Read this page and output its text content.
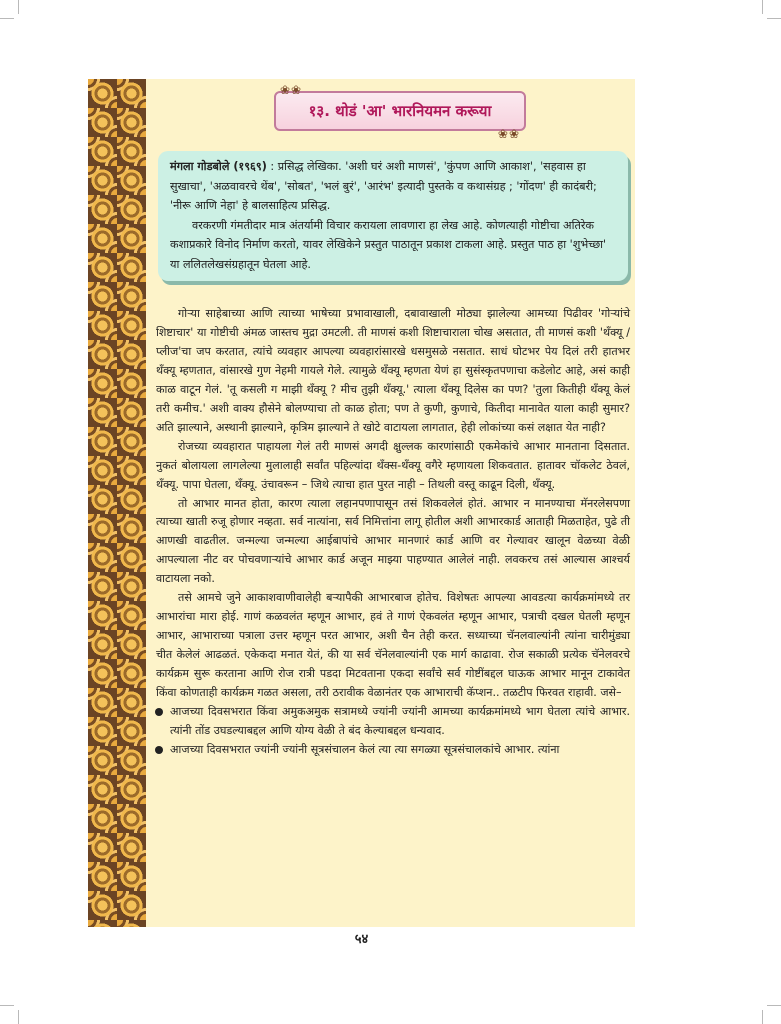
❀❀
१३. थोडं 'आ' भारनियमन करूया
❀❀

मंगला गोडबोले (१९६९) : प्रसिद्ध लेखिका. 'अशी घरं अशी माणसं', 'कुंपण आणि आकाश', 'सहवास हा सुखाचा', 'अळवावरचे थेंब', 'सोबत', 'भलं बुरं', 'आरंभ' इत्यादी पुस्तके व कथासंग्रह ; 'गोंदण' ही कादंबरी; 'नीरू आणि नेहा' हे बालसाहित्य प्रसिद्ध.

वरकरणी गंमतीदार मात्र अंतर्यामी विचार करायला लावणारा हा लेख आहे. कोणत्याही गोष्टीचा अतिरेक कशाप्रकारे विनोद निर्माण करतो, यावर लेखिकेने प्रस्तुत पाठातून प्रकाश टाकला आहे. प्रस्तुत पाठ हा 'शुभेच्छा' या ललितलेखसंग्रहातून घेतला आहे.

गोऱ्या साहेबाच्या आणि त्याच्या भाषेच्या प्रभावाखाली, दबावाखाली मोठ्या झालेल्या आमच्या पिढीवर 'गोऱ्यांचे शिष्टाचार' या गोष्टीची अंमळ जास्तच मुद्रा उमटली. ती माणसं कशी शिष्टाचाराला चोख असतात, ती माणसं कशी 'थँक्यू /प्लीज'चा जप करतात, त्यांचे व्यवहार आपल्या व्यवहारांसारखे धसमुसळे नसतात. साधं घोटभर पेय दिलं तरी हातभर थँक्यू म्हणतात, वांसारखे गुण नेहमी गायले गेले. त्यामुळे थँक्यू म्हणता येणं हा सुसंस्कृतपणाचा कडेलोट आहे, असं काही काळ वाटून गेलं. 'तू कसली ग माझी थँक्यू ? मीच तुझी थँक्यू.' त्याला थँक्यू दिलेस का पण? 'तुला कितीही थँक्यू केलं तरी कमीच.' अशी वाक्य हौसेने बोलण्याचा तो काळ होता; पण ते कुणी, कुणाचे, कितीदा मानावेत याला काही सुमार? अति झाल्याने, अस्थानी झाल्याने, कृत्रिम झाल्याने ते खोटे वाटायला लागतात, हेही लोकांच्या कसं लक्षात येत नाही?

रोजच्या व्यवहारात पाहायला गेलं तरी माणसं अगदी क्षुल्लक कारणांसाठी एकमेकांचे आभार मानताना दिसतात. नुकतं बोलायला लागलेल्या मुलालाही सर्वांत पहिल्यांदा थँक्स-थँक्यू वगैरे म्हणायला शिकवतात. हातावर चॉकलेट ठेवलं, थँक्यू. पापा घेतला, थँक्यू. उंचावरून – जिथे त्याचा हात पुरत नाही – तिथली वस्तू काढून दिली, थँक्यू.

तो आभार मानत होता, कारण त्याला लहानपणापासून तसं शिकवलेलं होतं. आभार न मानण्याचा मॅनरलेसपणा त्याच्या खाती रुजू होणार नव्हता. सर्व नात्यांना, सर्व निमित्तांना लागू होतील अशी आभारकार्ड आताही मिळताहेत, पुढे ती आणखी वाढतील. जन्मल्या जन्मल्या आईबापांचे आभार मानणारं कार्ड आणि वर गेल्यावर खालून वेळच्या वेळी आपल्याला नीट वर पोचवणाऱ्यांचे आभार कार्ड अजून माझ्या पाहण्यात आलेलं नाही. लवकरच तसं आल्यास आश्चर्य वाटायला नको.

तसे आमचे जुने आकाशवाणीवालेही बऱ्यापैकी आभारबाज होतेच. विशेषतः आपल्या आवडत्या कार्यक्रमांमध्ये तर आभारांचा मारा होई. गाणं कळवलंत म्हणून आभार, हवं ते गाणं ऐकवलंत म्हणून आभार, पत्राची दखल घेतली म्हणून आभार, आभाराच्या पत्राला उत्तर म्हणून परत आभार, अशी चैन तेही करत. सध्याच्या चॅनलवाल्यांनी त्यांना चारीमुंड्या चीत केलेलं आढळतं. एकेकदा मनात येतं, की या सर्व चॅनेलवाल्यांनी एक मार्ग काढावा. रोज सकाळी प्रत्येक चॅनेलवरचे कार्यक्रम सुरू करताना आणि रोज रात्री पडदा मिटवताना एकदा सर्वांचे सर्व गोष्टींबद्दल घाऊक आभार मानून टाकावेत किंवा कोणताही कार्यक्रम गळत असला, तरी ठरावीक वेळानंतर एक आभाराची कॅप्शन.. तळटीप फिरवत राहावी. जसे–

आजच्या दिवसभरात किंवा अमुकअमुक सत्रामध्ये ज्यांनी ज्यांनी आमच्या कार्यक्रमांमध्ये भाग घेतला त्यांचे आभार. त्यांनी तोंड उघडल्याबद्दल आणि योग्य वेळी ते बंद केल्याबद्दल धन्यवाद.

आजच्या दिवसभरात ज्यांनी ज्यांनी सूत्रसंचालन केलं त्या त्या सगळ्या सूत्रसंचालकांचे आभार. त्यांना

५४
